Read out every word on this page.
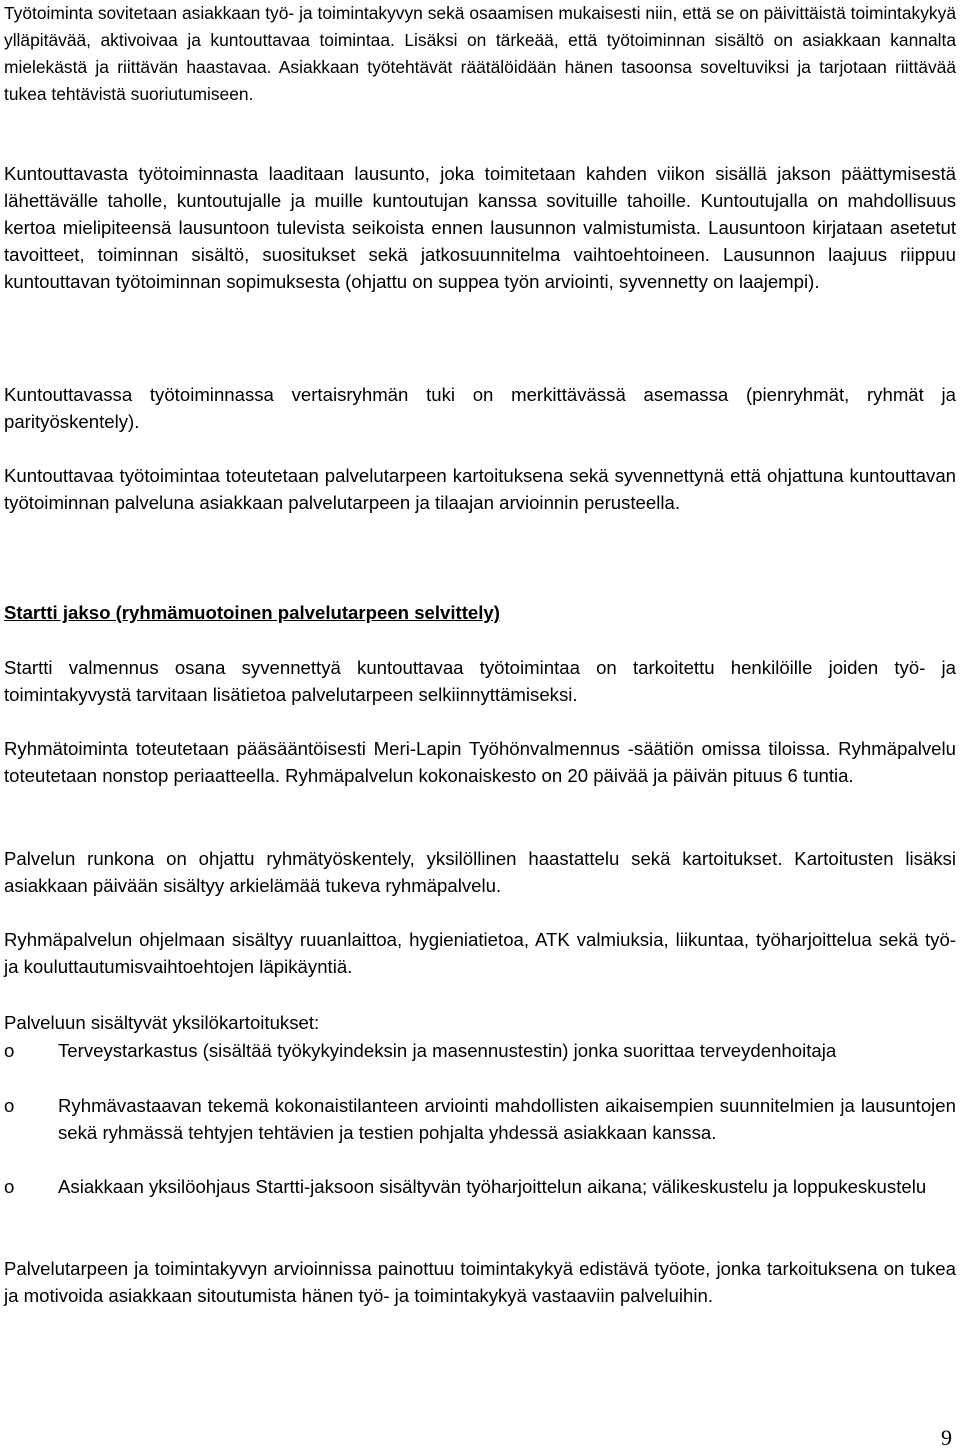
Työtoiminta sovitetaan asiakkaan työ- ja toimintakyvyn sekä osaamisen mukaisesti niin, että se on päivittäistä toimintakykyä ylläpitävää, aktivoivaa ja kuntouttavaa toimintaa. Lisäksi on tärkeää, että työtoiminnan sisältö on asiakkaan kannalta mielekästä ja riittävän haastavaa. Asiakkaan työtehtävät räätälöidään hänen tasoonsa soveltuviksi ja tarjotaan riittävää tukea tehtävistä suoriutumiseen.

Kuntouttavasta työtoiminnasta laaditaan lausunto, joka toimitetaan kahden viikon sisällä jakson päättymisestä lähettävälle taholle, kuntoutujalle ja muille kuntoutujan kanssa sovituille tahoille. Kuntoutujalla on mahdollisuus kertoa mielipiteensä lausuntoon tulevista seikoista ennen lausunnon valmistumista. Lausuntoon kirjataan asetetut tavoitteet, toiminnan sisältö, suositukset sekä jatkosuunnitelma vaihtoehtoineen. Lausunnon laajuus riippuu kuntouttavan työtoiminnan sopimuksesta (ohjattu on suppea työn arviointi, syvennetty on laajempi).

Kuntouttavassa työtoiminnassa vertaisryhmän tuki on merkittävässä asemassa (pienryhmät, ryhmät ja parityöskentely).

Kuntouttavaa työtoimintaa toteutetaan palvelutarpeen kartoituksena sekä syvennettynä että ohjattuna kuntouttavan työtoiminnan palveluna asiakkaan palvelutarpeen ja tilaajan arvioinnin perusteella.

Startti jakso (ryhmämuotoinen palvelutarpeen selvittely)

Startti valmennus osana syvennettyä kuntouttavaa työtoimintaa on tarkoitettu henkilöille joiden työ- ja toimintakyvystä tarvitaan lisätietoa palvelutarpeen selkiinnyttämiseksi.

Ryhmätoiminta toteutetaan pääsääntöisesti Meri-Lapin Työhönvalmennus -säätiön omissa tiloissa. Ryhmäpalvelu toteutetaan nonstop periaatteella. Ryhmäpalvelun kokonaiskesto on 20 päivää ja päivän pituus 6 tuntia.

Palvelun runkona on ohjattu ryhmätyöskentely, yksilöllinen haastattelu sekä kartoitukset. Kartoitusten lisäksi asiakkaan päivään sisältyy arkielämää tukeva ryhmäpalvelu.

Ryhmäpalvelun ohjelmaan sisältyy ruuanlaittoa, hygieniatietoa, ATK valmiuksia, liikuntaa, työharjoittelua sekä työ- ja kouluttautumisvaihtoehtojen läpikäyntiä.

Palveluun sisältyvät yksilökartoitukset:

o Terveystarkastus (sisältää työkykyindeksin ja masennustestin) jonka suorittaa terveydenhoitaja
o Ryhmävastaavan tekemä kokonaistilanteen arviointi mahdollisten aikaisempien suunnitelmien ja lausuntojen sekä ryhmässä tehtyjen tehtävien ja testien pohjalta yhdessä asiakkaan kanssa.
o Asiakkaan yksilöohjaus Startti-jaksoon sisältyvän työharjoittelun aikana; välikeskustelu ja loppukeskustelu

Palvelutarpeen ja toimintakyvyn arvioinnissa painottuu toimintakykyä edistävä työote, jonka tarkoituksena on tukea ja motivoida asiakkaan sitoutumista hänen työ- ja toimintakykyä vastaaviin palveluihin.

9
